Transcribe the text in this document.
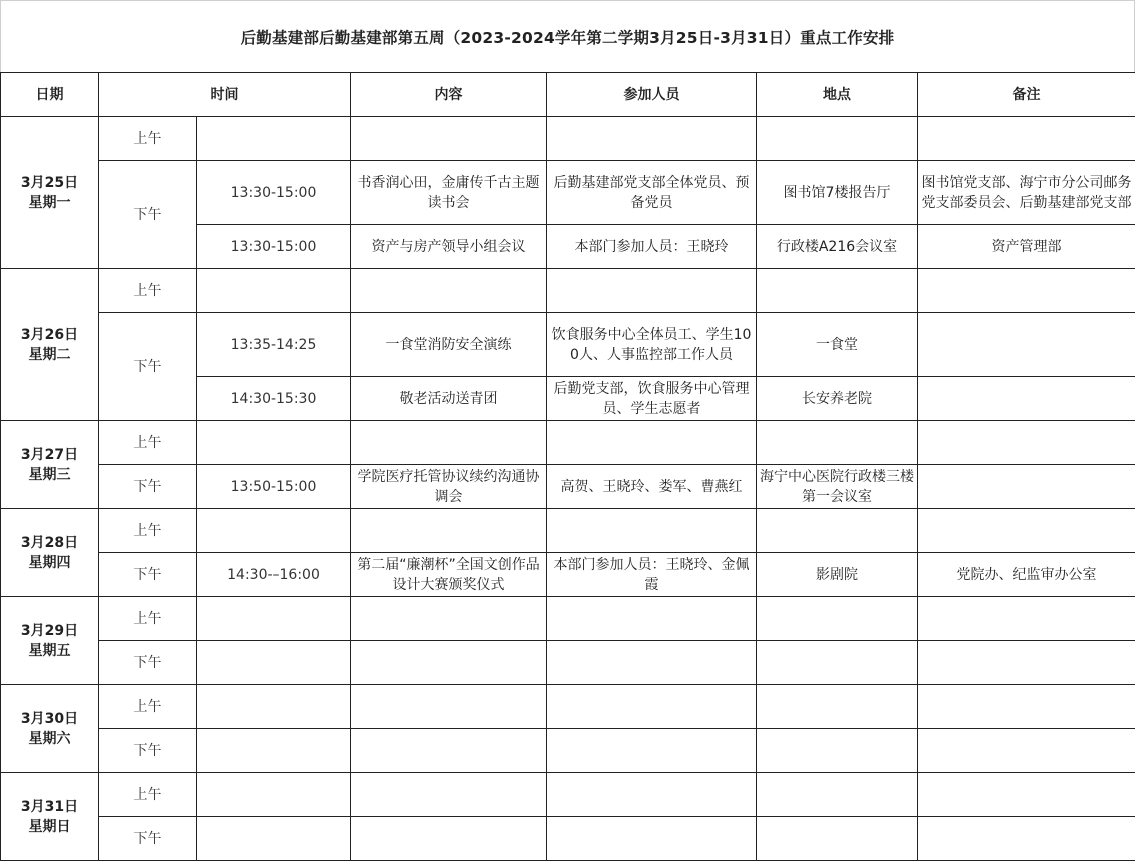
后勤基建部后勤基建部第五周（2023-2024学年第二学期3月25日-3月31日）重点工作安排
日期	时间		内容	参加人员	地点	备注

3月25日
星期一	上午					
	下午	13:30-15:00	书香润心田，金庸传千古主题读书会	后勤基建部党支部全体党员、预备党员	图书馆7楼报告厅	图书馆党支部、海宁市分公司邮务党支部委员会、后勤基建部党支部
		13:30-15:00	资产与房产领导小组会议	本部门参加人员：王晓玲	行政楼A216会议室	资产管理部

3月26日
星期二	上午					
	下午	13:35-14:25	一食堂消防安全演练	饮食服务中心全体员工、学生100人、人事监控部工作人员	一食堂	
		14:30-15:30	敬老活动送青团	后勤党支部，饮食服务中心管理员、学生志愿者	长安养老院	

3月27日
星期三	上午					
	下午	13:50-15:00	学院医疗托管协议续约沟通协调会	高贺、王晓玲、娄军、曹燕红	海宁中心医院行政楼三楼第一会议室	

3月28日
星期四	上午					
	下午	14:30-–16:00	第二届“廉潮杯”全国文创作品设计大赛颁奖仪式	本部门参加人员：王晓玲、金佩霞	影剧院	党院办、纪监审办公室

3月29日
星期五	上午					
	下午					

3月30日
星期六	上午					
	下午					

3月31日
星期日	上午					
	下午					
